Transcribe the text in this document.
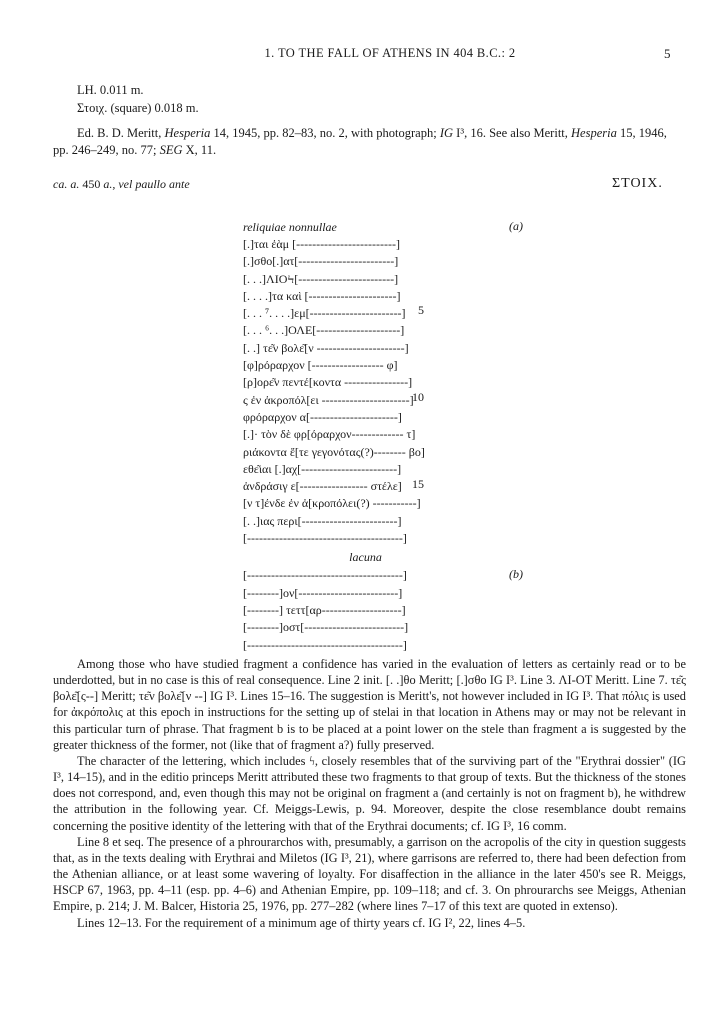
1. TO THE FALL OF ATHENS IN 404 B.C.: 2	5
LH. 0.011 m.
Στοιχ. (square) 0.018 m.
Ed. B. D. Meritt, Hesperia 14, 1945, pp. 82–83, no. 2, with photograph; IG I³, 16. See also Meritt, Hesperia 15, 1946, pp. 246–249, no. 77; SEG X, 11.
ca. a. 450 a., vel paullo ante	ΣΤΟΙΧ.
reliquiae nonnullae	(a)
[.]ται ἐὰμ [-------------------------]
[.]σθο[.]ατ[------------------------]
[. . .]ΛΙΟϞ[------------------------]
[. . . .]τα καὶ [----------------------]
[. . . ⁷. . . .]εμ[-----------------------]
[. . . ⁶. . .]ΟΛΕ[---------------------]
[. .] τε͂ν βολε͂[ν ----------------------]
[φ]ρόραρχον [------------------ φ]
[ρ]ορε͂ν πεντέ[κοντα ----------------]
ς ἐν ἀκροπόλ[ει ----------------------]
φρόραρχον α[----------------------]
[.]· τὸν δὲ φρ[όραρχον------------- τ]
ριάκοντα ἔ[τε γεγονότας(?)-------- βο]
εθε͂ιαι [.]αχ[------------------------]
ἀνδράσιγ ε[----------------- στέλε]
[ν τ]ένδε ἐν ἀ[κροπόλει(?) -----------]
[. .]ιας περι[------------------------]
[---------------------------------------]
lacuna
(b)
[---------------------------------------]
[--------]ον[-------------------------]
[--------] τεττ[αρ--------------------]
[--------]οστ[-------------------------]
[---------------------------------------]
5
10
15

Among those who have studied fragment a confidence has varied in the evaluation of letters as certainly read or to be underdotted, but in no case is this of real consequence. Line 2 init. [. .]θο Meritt; [.]σθο IG I³. Line 3. ΛΙ-ΟΤ Meritt. Line 7. τε͂ς βολε͂[ς--] Meritt; τε͂ν βολε͂[ν --] IG I³. Lines 15–16. The suggestion is Meritt's, not however included in IG I³. That πόλις is used for ἀκρόπολις at this epoch in instructions for the setting up of stelai in that location in Athens may or may not be relevant in this particular turn of phrase. That fragment b is to be placed at a point lower on the stele than fragment a is suggested by the greater thickness of the former, not (like that of fragment a?) fully preserved.

The character of the lettering, which includes ϟ, closely resembles that of the surviving part of the "Erythrai dossier" (IG I³, 14–15), and in the editio princeps Meritt attributed these two fragments to that group of texts. But the thickness of the stones does not correspond, and, even though this may not be original on fragment a (and certainly is not on fragment b), he withdrew the attribution in the following year. Cf. Meiggs-Lewis, p. 94. Moreover, despite the close resemblance doubt remains concerning the positive identity of the lettering with that of the Erythrai documents; cf. IG I³, 16 comm.

Line 8 et seq. The presence of a phrourarchos with, presumably, a garrison on the acropolis of the city in question suggests that, as in the texts dealing with Erythrai and Miletos (IG I³, 21), where garrisons are referred to, there had been defection from the Athenian alliance, or at least some wavering of loyalty. For disaffection in the alliance in the later 450's see R. Meiggs, HSCP 67, 1963, pp. 4–11 (esp. pp. 4–6) and Athenian Empire, pp. 109–118; and cf. 3. On phrourarchs see Meiggs, Athenian Empire, p. 214; J. M. Balcer, Historia 25, 1976, pp. 277–282 (where lines 7–17 of this text are quoted in extenso).

Lines 12–13. For the requirement of a minimum age of thirty years cf. IG I², 22, lines 4–5.
